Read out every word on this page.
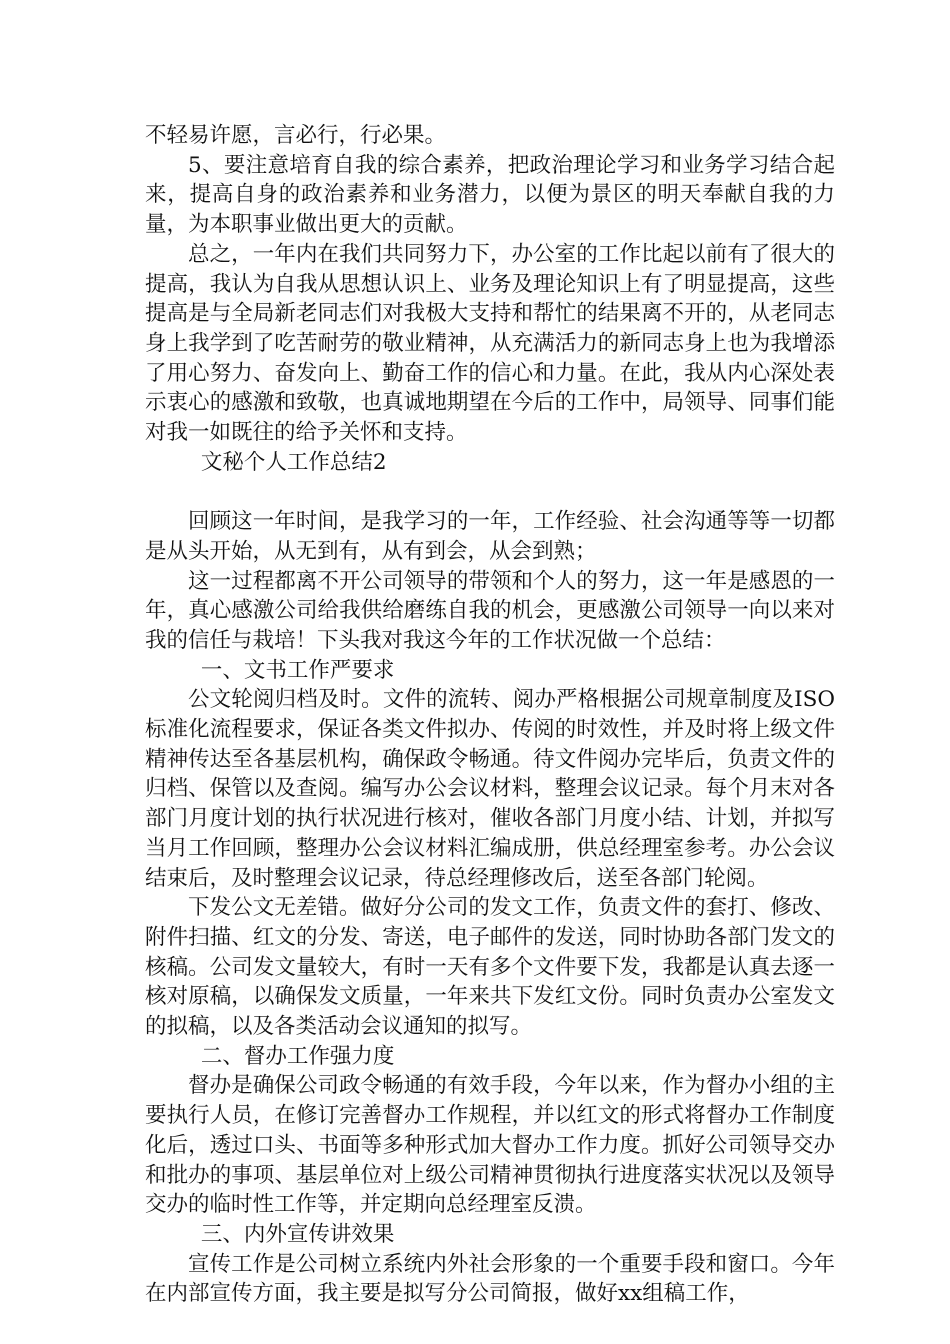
不轻易许愿，言必行，行必果。

5、要注意培育自我的综合素养，把政治理论学习和业务学习结合起来，提高自身的政治素养和业务潜力，以便为景区的明天奉献自我的力量，为本职事业做出更大的贡献。

总之，一年内在我们共同努力下，办公室的工作比起以前有了很大的提高，我认为自我从思想认识上、业务及理论知识上有了明显提高，这些提高是与全局新老同志们对我极大支持和帮忙的结果离不开的，从老同志身上我学到了吃苦耐劳的敬业精神，从充满活力的新同志身上也为我增添了用心努力、奋发向上、勤奋工作的信心和力量。在此，我从内心深处表示衷心的感激和致敬，也真诚地期望在今后的工作中，局领导、同事们能对我一如既往的给予关怀和支持。

文秘个人工作总结2

回顾这一年时间，是我学习的一年，工作经验、社会沟通等等一切都是从头开始，从无到有，从有到会，从会到熟；

这一过程都离不开公司领导的带领和个人的努力，这一年是感恩的一年，真心感激公司给我供给磨练自我的机会，更感激公司领导一向以来对我的信任与栽培！下头我对我这今年的工作状况做一个总结：

一、文书工作严要求

公文轮阅归档及时。文件的流转、阅办严格根据公司规章制度及ISO标准化流程要求，保证各类文件拟办、传阅的时效性，并及时将上级文件精神传达至各基层机构，确保政令畅通。待文件阅办完毕后，负责文件的归档、保管以及查阅。编写办公会议材料，整理会议记录。每个月末对各部门月度计划的执行状况进行核对，催收各部门月度小结、计划，并拟写当月工作回顾，整理办公会议材料汇编成册，供总经理室参考。办公会议结束后，及时整理会议记录，待总经理修改后，送至各部门轮阅。

下发公文无差错。做好分公司的发文工作，负责文件的套打、修改、附件扫描、红文的分发、寄送，电子邮件的发送，同时协助各部门发文的核稿。公司发文量较大，有时一天有多个文件要下发，我都是认真去逐一核对原稿，以确保发文质量，一年来共下发红文份。同时负责办公室发文的拟稿，以及各类活动会议通知的拟写。

二、督办工作强力度

督办是确保公司政令畅通的有效手段，今年以来，作为督办小组的主要执行人员，在修订完善督办工作规程，并以红文的形式将督办工作制度化后，透过口头、书面等多种形式加大督办工作力度。抓好公司领导交办和批办的事项、基层单位对上级公司精神贯彻执行进度落实状况以及领导交办的临时性工作等，并定期向总经理室反溃。

三、内外宣传讲效果

宣传工作是公司树立系统内外社会形象的一个重要手段和窗口。今年在内部宣传方面，我主要是拟写分公司简报，做好xx组稿工作，
